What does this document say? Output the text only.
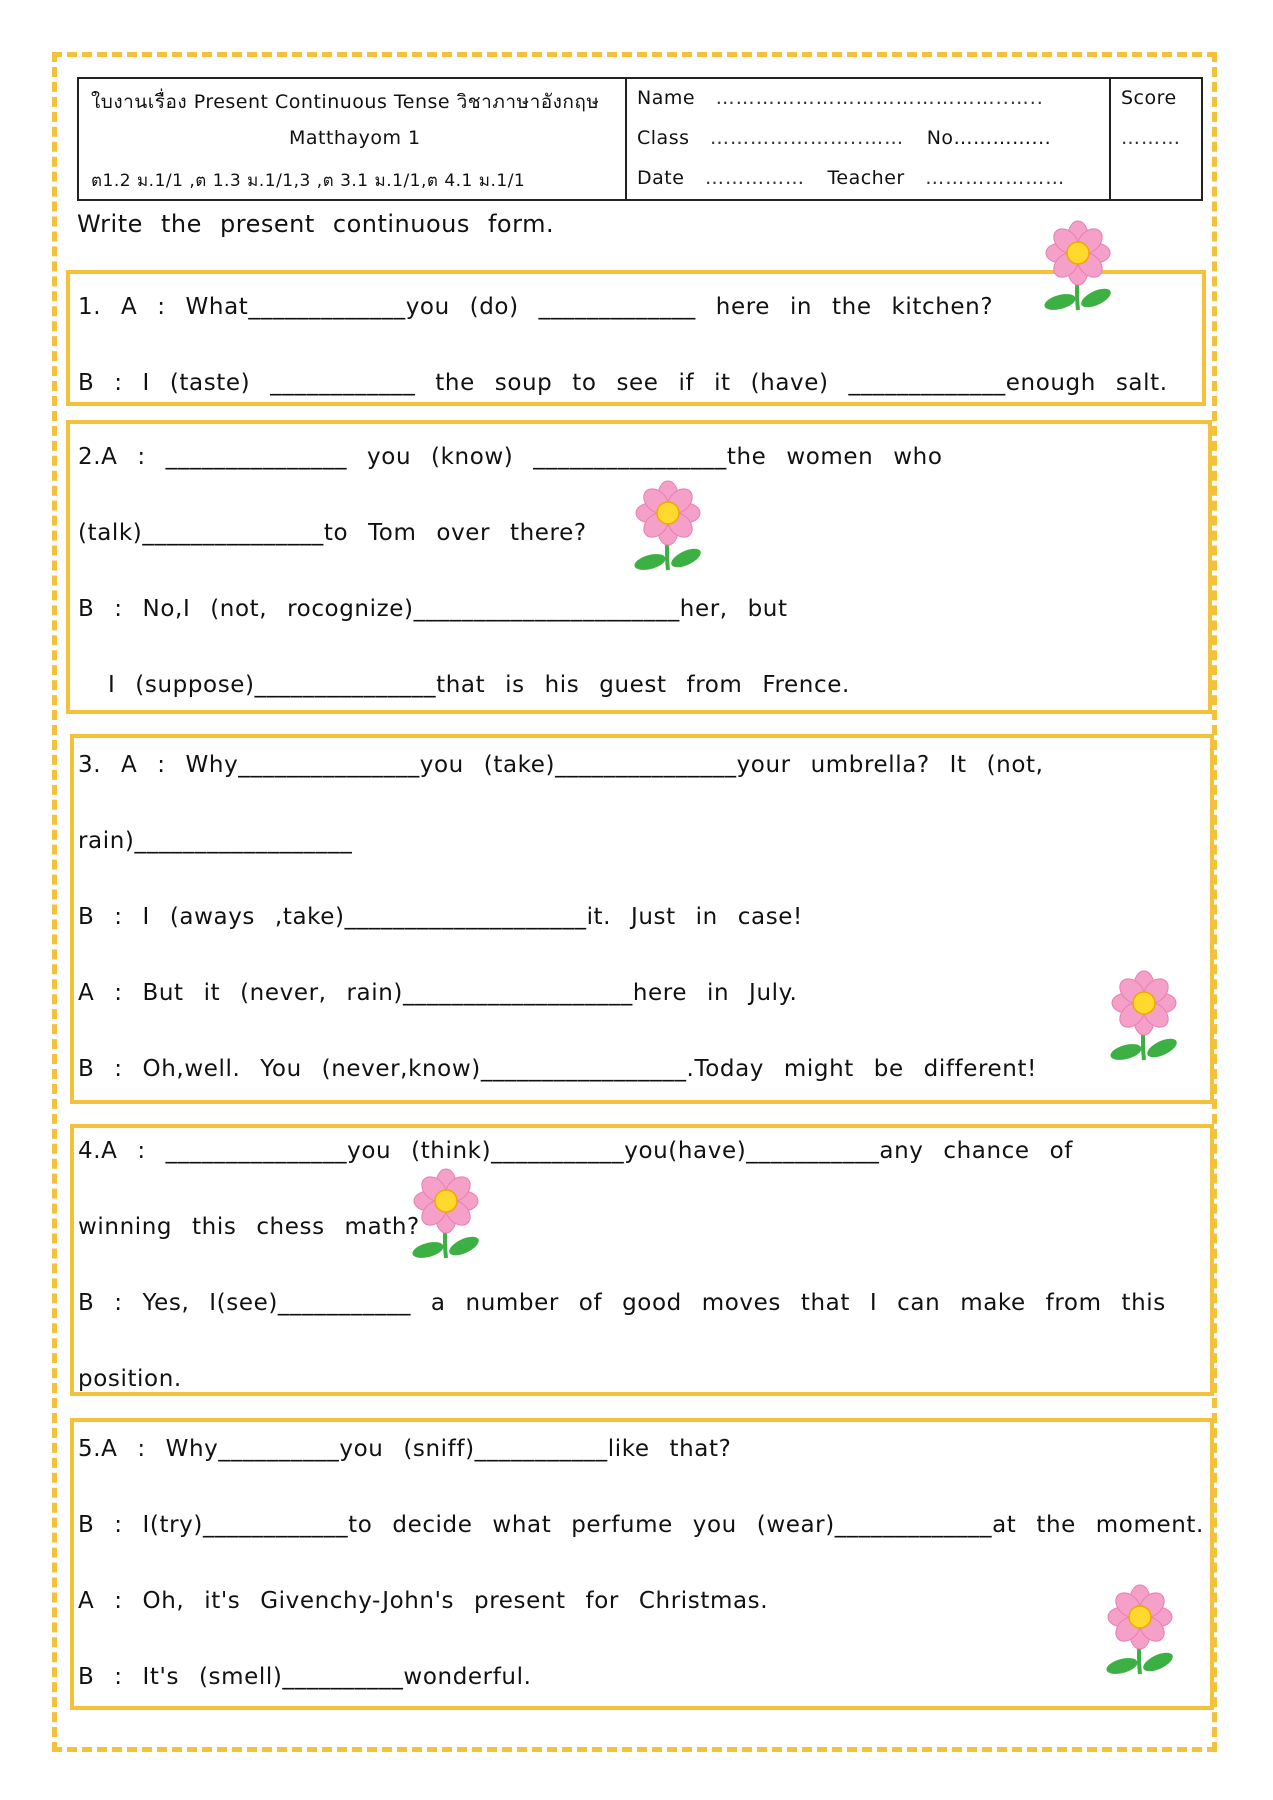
ใบงานเรื่อง Present Continuous Tense วิชาภาษาอังกฤษ
Matthayom 1
ต1.2 ม.1/1 ,ต 1.3 ม.1/1,3 ,ต 3.1 ม.1/1,ต 4.1 ม.1/1
Name ……………………………………..…..
Class …………………..…… No…………...
Date …………… Teacher …………………
Score
………
Write the present continuous form.
1. A : What_____________you (do) _____________ here in the kitchen?
B : I (taste) ____________ the soup to see if it (have) _____________enough salt.
2.A : _______________ you (know) ________________the women who
(talk)_______________to Tom over there?
B : No,I (not, rocognize)______________________her, but
I (suppose)_______________that is his guest from Frence.
3. A : Why_______________you (take)_______________your umbrella? It (not,
rain)__________________
B : I (aways ,take)____________________it. Just in case!
A : But it (never, rain)___________________here in July.
B : Oh,well. You (never,know)_________________.Today might be different!
4.A : _______________you (think)___________you(have)___________any chance of
winning this chess math?
B : Yes, I(see)___________ a number of good moves that I can make from this
position.
5.A : Why__________you (sniff)___________like that?
B : I(try)____________to decide what perfume you (wear)_____________at the moment.
A : Oh, it's Givenchy-John's present for Christmas.
B : It's (smell)__________wonderful.
